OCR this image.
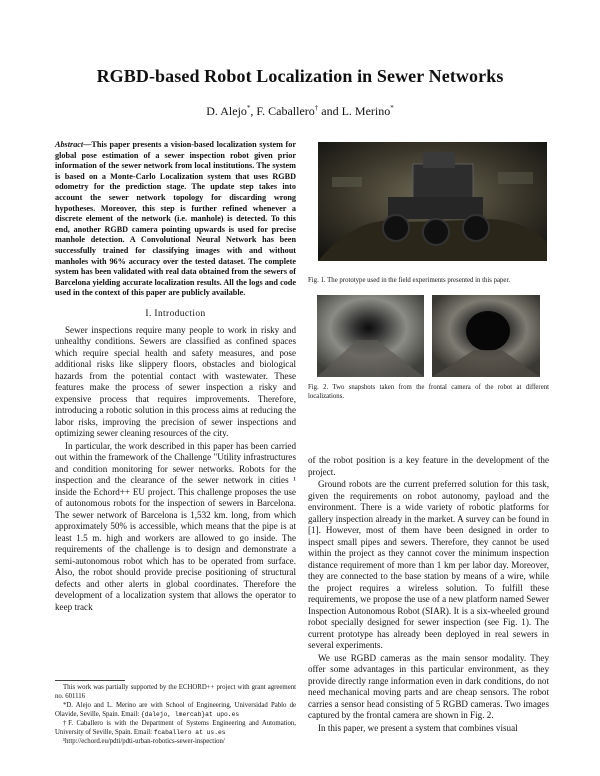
RGBD-based Robot Localization in Sewer Networks
D. Alejo*, F. Caballero† and L. Merino*
Abstract—This paper presents a vision-based localization system for global pose estimation of a sewer inspection robot given prior information of the sewer network from local institutions. The system is based on a Monte-Carlo Localization system that uses RGBD odometry for the prediction stage. The update step takes into account the sewer network topology for discarding wrong hypotheses. Moreover, this step is further refined whenever a discrete element of the network (i.e. manhole) is detected. To this end, another RGBD camera pointing upwards is used for precise manhole detection. A Convolutional Neural Network has been successfully trained for classifying images with and without manholes with 96% accuracy over the tested dataset. The complete system has been validated with real data obtained from the sewers of Barcelona yielding accurate localization results. All the logs and code used in the context of this paper are publicly available.
I. Introduction

Sewer inspections require many people to work in risky and unhealthy conditions. Sewers are classified as confined spaces which require special health and safety measures, and pose additional risks like slippery floors, obstacles and biological hazards from the potential contact with wastewater. These features make the process of sewer inspection a risky and expensive process that requires improvements. Therefore, introducing a robotic solution in this process aims at reducing the labor risks, improving the precision of sewer inspections and optimizing sewer cleaning resources of the city.

In particular, the work described in this paper has been carried out within the framework of the Challenge "Utility infrastructures and condition monitoring for sewer networks. Robots for the inspection and the clearance of the sewer network in cities ¹ inside the Echord++ EU project. This challenge proposes the use of autonomous robots for the inspection of sewers in Barcelona. The sewer network of Barcelona is 1,532 km. long, from which approximately 50% is accessible, which means that the pipe is at least 1.5 m. high and workers are allowed to go inside. The requirements of the challenge is to design and demonstrate a semi-autonomous robot which has to be operated from surface. Also, the robot should provide precise positioning of structural defects and other alerts in global coordinates. Therefore the development of a localization system that allows the operator to keep track

This work was partially supported by the ECHORD++ project with grant agreement no. 601116

*D. Alejo and L. Merino are with School of Engineering, Universidad Pablo de Olavide, Seville, Spain. Email: {dalejo, lmercab}at upo.es

†F. Caballero is with the Department of Systems Engineering and Automation, University of Seville, Spain. Email: fcaballero at us.es

¹http://echord.eu/pdti/pdti-urban-robotics-sewer-inspection/

Fig. 1. The prototype used in the field experiments presented in this paper.
Fig. 2. Two snapshots taken from the frontal camera of the robot at different localizations.

of the robot position is a key feature in the development of the project.

Ground robots are the current preferred solution for this task, given the requirements on robot autonomy, payload and the environment. There is a wide variety of robotic platforms for gallery inspection already in the market. A survey can be found in [1]. However, most of them have been designed in order to inspect small pipes and sewers. Therefore, they cannot be used within the project as they cannot cover the minimum inspection distance requirement of more than 1 km per labor day. Moreover, they are connected to the base station by means of a wire, while the project requires a wireless solution. To fulfill these requirements, we propose the use of a new platform named Sewer Inspection Autonomous Robot (SIAR). It is a six-wheeled ground robot specially designed for sewer inspection (see Fig. 1). The current prototype has already been deployed in real sewers in several experiments.

We use RGBD cameras as the main sensor modality. They offer some advantages in this particular environment, as they provide directly range information even in dark conditions, do not need mechanical moving parts and are cheap sensors. The robot carries a sensor head consisting of 5 RGBD cameras. Two images captured by the frontal camera are shown in Fig. 2.

In this paper, we present a system that combines visual
